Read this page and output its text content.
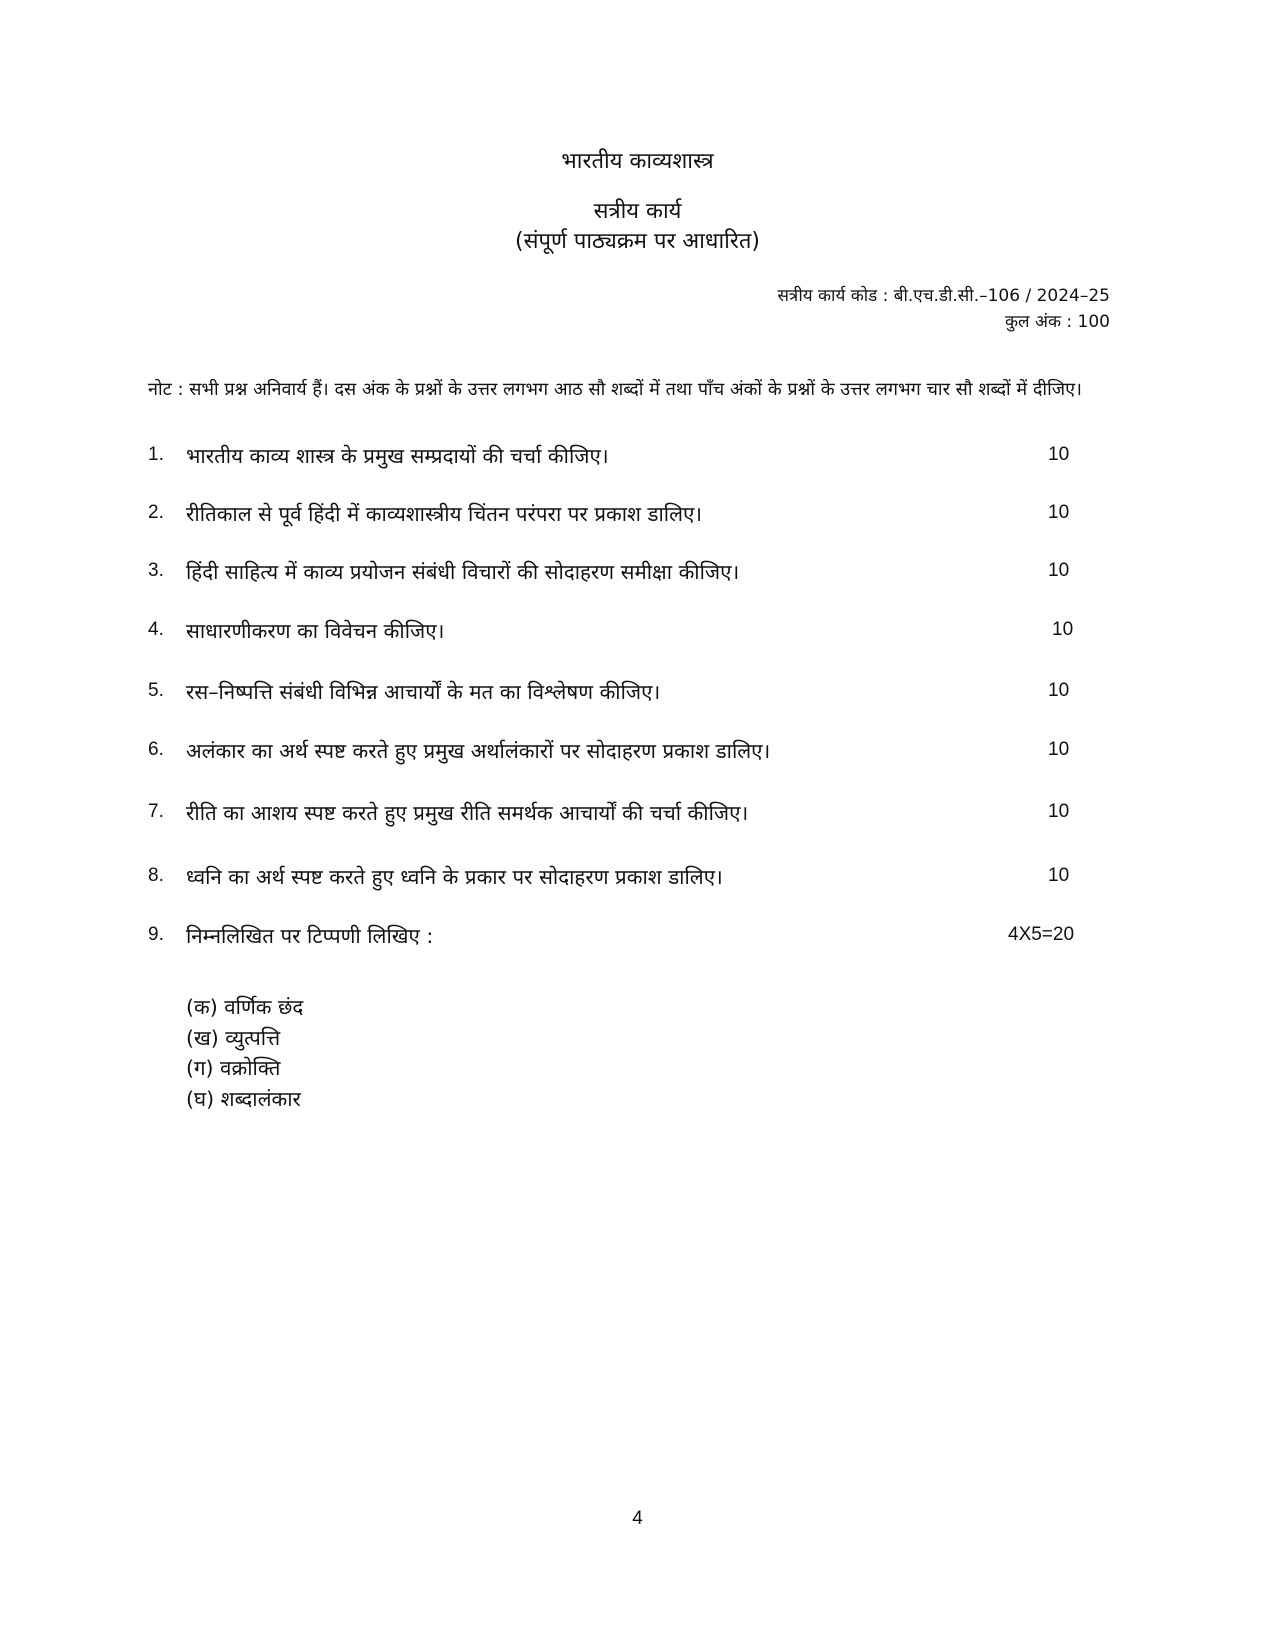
भारतीय काव्यशास्त्र
सत्रीय कार्य
(संपूर्ण पाठ्यक्रम पर आधारित)
सत्रीय कार्य कोड : बी.एच.डी.सी.–106 / 2024–25
कुल अंक : 100
नोट : सभी प्रश्न अनिवार्य हैं। दस अंक के प्रश्नों के उत्तर लगभग आठ सौ शब्दों में तथा पाँच अंकों के प्रश्नों के उत्तर लगभग चार सौ शब्दों में दीजिए।
1. भारतीय काव्य शास्त्र के प्रमुख सम्प्रदायों की चर्चा कीजिए।	10
2. रीतिकाल से पूर्व हिंदी में काव्यशास्त्रीय चिंतन परंपरा पर प्रकाश डालिए।	10
3. हिंदी साहित्य में काव्य प्रयोजन संबंधी विचारों की सोदाहरण समीक्षा कीजिए।	10
4. साधारणीकरण का विवेचन कीजिए।	10
5. रस–निष्पत्ति संबंधी विभिन्न आचार्यों के मत का विश्लेषण कीजिए।	10
6. अलंकार का अर्थ स्पष्ट करते हुए प्रमुख अर्थालंकारों पर सोदाहरण प्रकाश डालिए।	10
7. रीति का आशय स्पष्ट करते हुए प्रमुख रीति समर्थक आचार्यों की चर्चा कीजिए।	10
8. ध्वनि का अर्थ स्पष्ट करते हुए ध्वनि के प्रकार पर सोदाहरण प्रकाश डालिए।	10
9. निम्नलिखित पर टिप्पणी लिखिए :	4X5=20
(क) वर्णिक छंद
(ख) व्युत्पत्ति
(ग) वक्रोक्ति
(घ) शब्दालंकार
4
